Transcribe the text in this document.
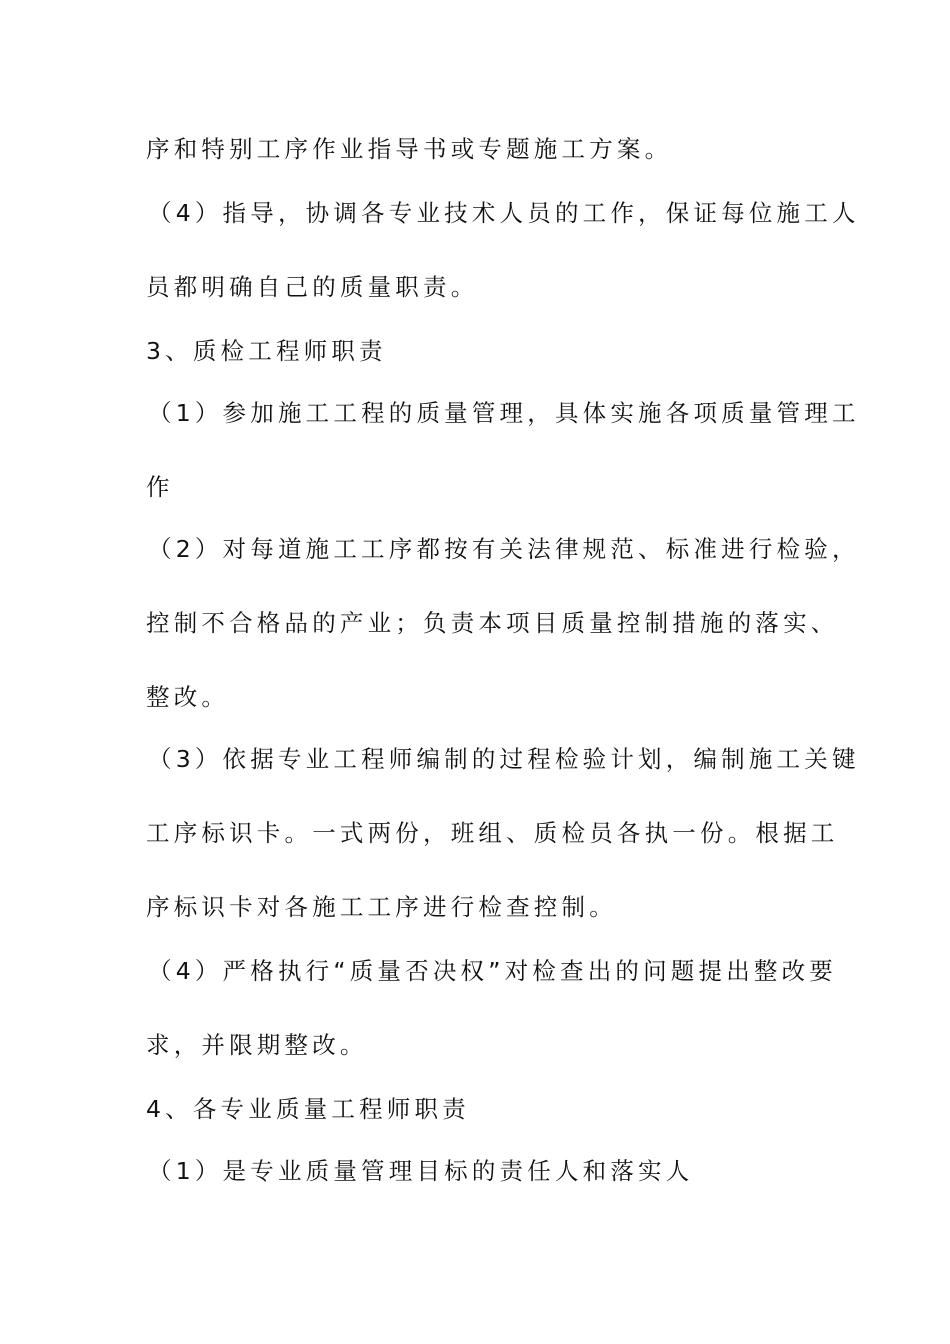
序和特别工序作业指导书或专题施工方案。
（4）指导，协调各专业技术人员的工作，保证每位施工人
员都明确自己的质量职责。
3、质检工程师职责
（1）参加施工工程的质量管理，具体实施各项质量管理工
作
（2）对每道施工工序都按有关法律规范、标准进行检验，
控制不合格品的产业；负责本项目质量控制措施的落实、
整改。
（3）依据专业工程师编制的过程检验计划，编制施工关键
工序标识卡。一式两份，班组、质检员各执一份。根据工
序标识卡对各施工工序进行检查控制。
（4）严格执行“质量否决权”对检查出的问题提出整改要
求，并限期整改。
4、各专业质量工程师职责
（1）是专业质量管理目标的责任人和落实人
